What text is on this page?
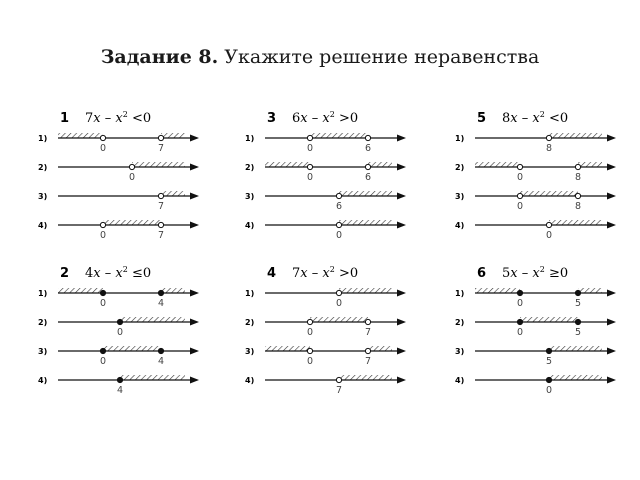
Задание 8. Укажите решение неравенства
1 $7x - x^2 <0$
1)
0	7
2)
0
3)
7
4)
0	7
2 $4x - x^2 \le 0$
1)
0	4
2)
0
3)
0	4
4)
4
3 $6x - x^2 >0$
1)
0	6
2)
0	6
3)
6
4)
0
4 $7x - x^2 >0$
1)
0
2)
0	7
3)
0	7
4)
7
5 $8x - x^2 <0$
1)
8
2)
0	8
3)
0	8
4)
0
6 $5x - x^2 \ge 0$
1)
0	5
2)
0	5
3)
5
4)
0
